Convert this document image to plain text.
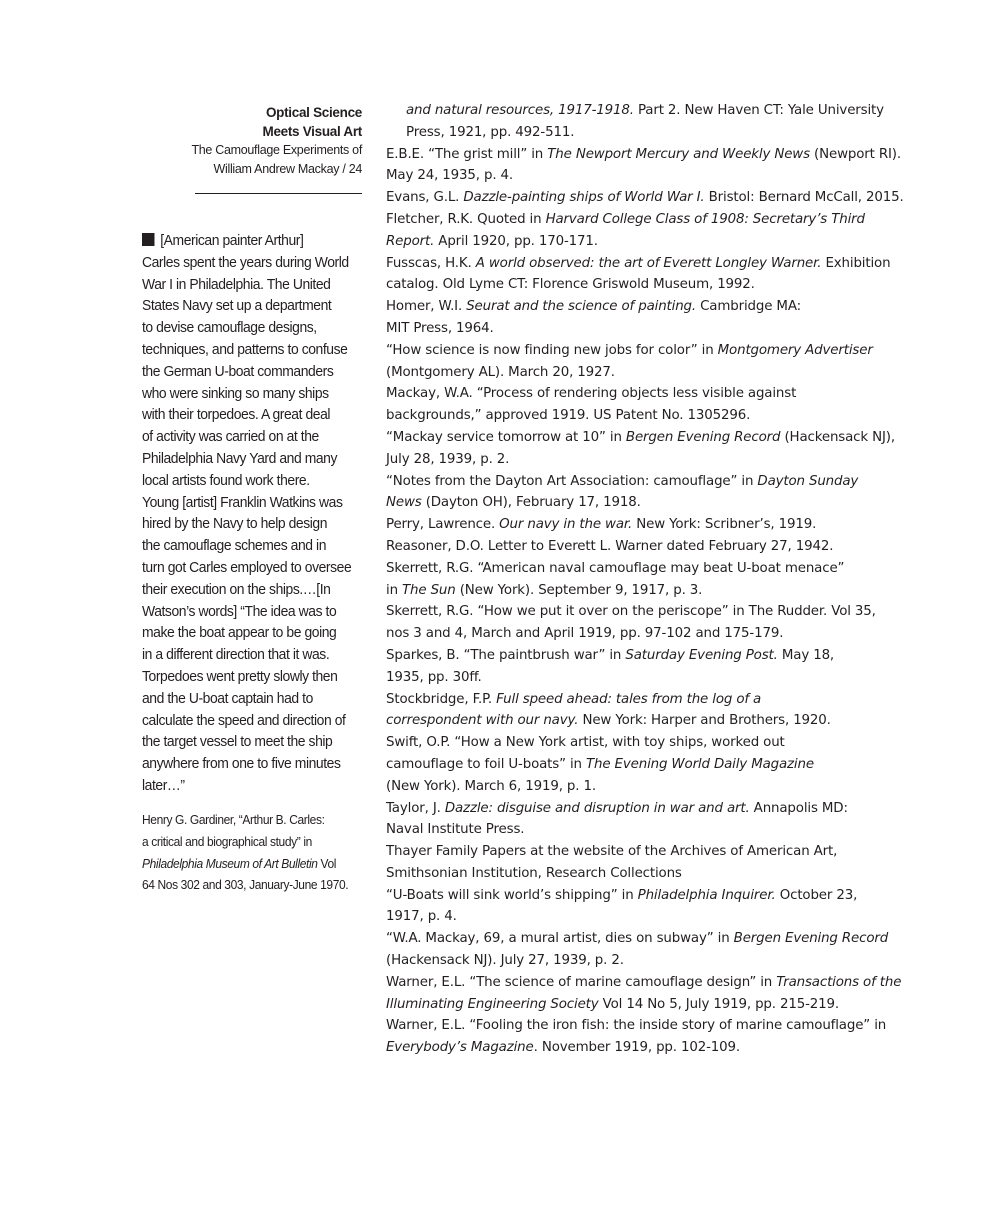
Optical Science
Meets Visual Art
The Camouflage Experiments of
William Andrew Mackay / 24
[American painter Arthur]
Carles spent the years during World
War I in Philadelphia. The United
States Navy set up a department
to devise camouflage designs,
techniques, and patterns to confuse
the German U-boat commanders
who were sinking so many ships
with their torpedoes. A great deal
of activity was carried on at the
Philadelphia Navy Yard and many
local artists found work there.
Young [artist] Franklin Watkins was
hired by the Navy to help design
the camouflage schemes and in
turn got Carles employed to oversee
their execution on the ships.…[In
Watson’s words] “The idea was to
make the boat appear to be going
in a different direction that it was.
Torpedoes went pretty slowly then
and the U-boat captain had to
calculate the speed and direction of
the target vessel to meet the ship
anywhere from one to five minutes
later…”
Henry G. Gardiner, “Arthur B. Carles:
a critical and biographical study” in
Philadelphia Museum of Art Bulletin Vol
64 Nos 302 and 303, January-June 1970.
and natural resources, 1917-1918. Part 2. New Haven CT: Yale University
Press, 1921, pp. 492-511.
E.B.E. “The grist mill” in The Newport Mercury and Weekly News (Newport RI).
May 24, 1935, p. 4.
Evans, G.L. Dazzle-painting ships of World War I. Bristol: Bernard McCall, 2015.
Fletcher, R.K. Quoted in Harvard College Class of 1908: Secretary’s Third
Report. April 1920, pp. 170-171.
Fusscas, H.K. A world observed: the art of Everett Longley Warner. Exhibition
catalog. Old Lyme CT: Florence Griswold Museum, 1992.
Homer, W.I. Seurat and the science of painting. Cambridge MA:
MIT Press, 1964.
“How science is now finding new jobs for color” in Montgomery Advertiser
(Montgomery AL). March 20, 1927.
Mackay, W.A. “Process of rendering objects less visible against
backgrounds,” approved 1919. US Patent No. 1305296.
“Mackay service tomorrow at 10” in Bergen Evening Record (Hackensack NJ),
July 28, 1939, p. 2.
“Notes from the Dayton Art Association: camouflage” in Dayton Sunday
News (Dayton OH), February 17, 1918.
Perry, Lawrence. Our navy in the war. New York: Scribner’s, 1919.
Reasoner, D.O. Letter to Everett L. Warner dated February 27, 1942.
Skerrett, R.G. “American naval camouflage may beat U-boat menace”
in The Sun (New York). September 9, 1917, p. 3.
Skerrett, R.G. “How we put it over on the periscope” in The Rudder. Vol 35,
nos 3 and 4, March and April 1919, pp. 97-102 and 175-179.
Sparkes, B. “The paintbrush war” in Saturday Evening Post. May 18,
1935, pp. 30ff.
Stockbridge, F.P. Full speed ahead: tales from the log of a
correspondent with our navy. New York: Harper and Brothers, 1920.
Swift, O.P. “How a New York artist, with toy ships, worked out
camouflage to foil U-boats” in The Evening World Daily Magazine
(New York). March 6, 1919, p. 1.
Taylor, J. Dazzle: disguise and disruption in war and art. Annapolis MD:
Naval Institute Press.
Thayer Family Papers at the website of the Archives of American Art,
Smithsonian Institution, Research Collections
“U-Boats will sink world’s shipping” in Philadelphia Inquirer. October 23,
1917, p. 4.
“W.A. Mackay, 69, a mural artist, dies on subway” in Bergen Evening Record
(Hackensack NJ). July 27, 1939, p. 2.
Warner, E.L. “The science of marine camouflage design” in Transactions of the
Illuminating Engineering Society Vol 14 No 5, July 1919, pp. 215-219.
Warner, E.L. “Fooling the iron fish: the inside story of marine camouflage” in
Everybody’s Magazine. November 1919, pp. 102-109.
